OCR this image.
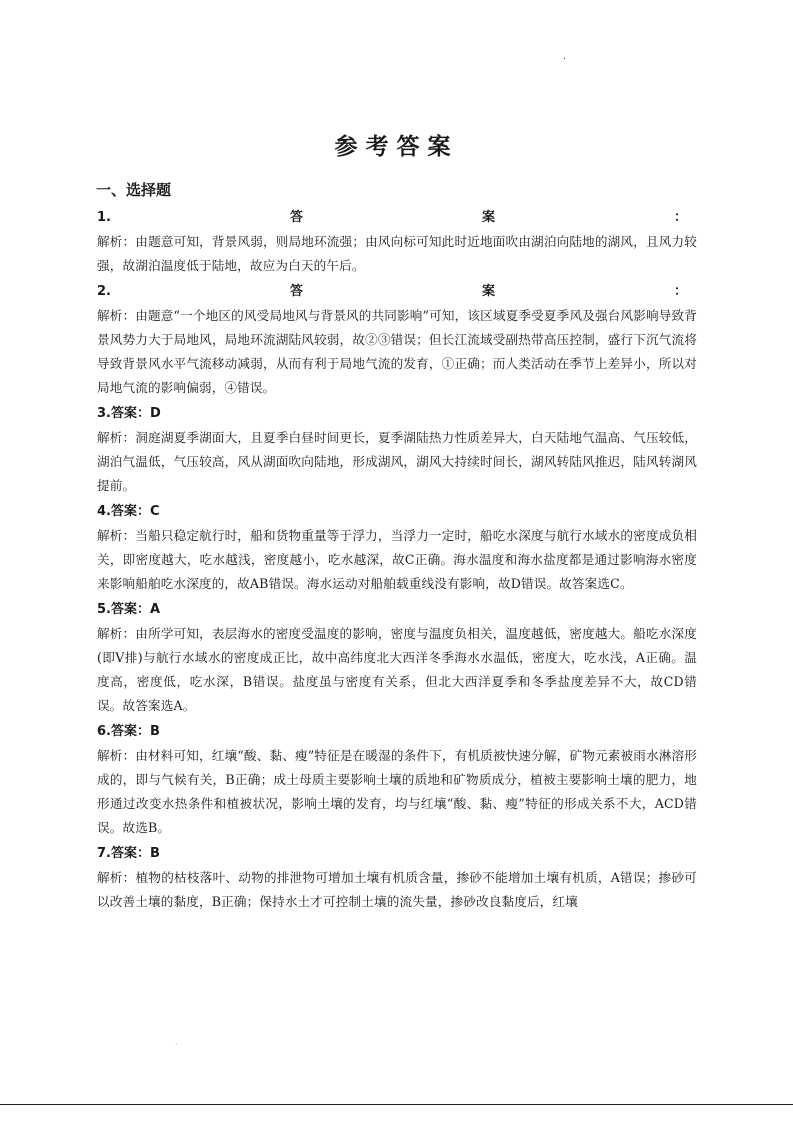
.
参考答案
一、选择题
1.	答	案	：
解析：由题意可知，背景风弱，则局地环流强；由风向标可知此时近地面吹由湖泊向陆地的湖风，且风力较强，故湖泊温度低于陆地，故应为白天的午后。
2.	答	案	：
解析：由题意“一个地区的风受局地风与背景风的共同影响”可知，该区域夏季受夏季风及强台风影响导致背景风势力大于局地风，局地环流湖陆风较弱，故②③错误；但长江流域受副热带高压控制，盛行下沉气流将导致背景风水平气流移动减弱，从而有利于局地气流的发育，①正确；而人类活动在季节上差异小，所以对局地气流的影响偏弱，④错误。
3.答案：D
解析：洞庭湖夏季湖面大，且夏季白昼时间更长，夏季湖陆热力性质差异大，白天陆地气温高、气压较低，湖泊气温低，气压较高，风从湖面吹向陆地，形成湖风，湖风大持续时间长，湖风转陆风推迟，陆风转湖风提前。
4.答案：C
解析：当船只稳定航行时，船和货物重量等于浮力，当浮力一定时，船吃水深度与航行水域水的密度成负相关，即密度越大，吃水越浅，密度越小，吃水越深，故C正确。海水温度和海水盐度都是通过影响海水密度来影响船舶吃水深度的，故AB错误。海水运动对船舶载重线没有影响，故D错误。故答案选C。
5.答案：A
解析：由所学可知，表层海水的密度受温度的影响，密度与温度负相关，温度越低，密度越大。船吃水深度(即V排)与航行水域水的密度成正比，故中高纬度北大西洋冬季海水水温低，密度大，吃水浅，A正确。温度高，密度低，吃水深，B错误。盐度虽与密度有关系，但北大西洋夏季和冬季盐度差异不大，故CD错误。故答案选A。
6.答案：B
解析：由材料可知，红壤“酸、黏、瘦”特征是在暖湿的条件下，有机质被快速分解，矿物元素被雨水淋溶形成的，即与气候有关，B正确；成土母质主要影响土壤的质地和矿物质成分，植被主要影响土壤的肥力，地形通过改变水热条件和植被状况，影响土壤的发育，均与红壤“酸、黏、瘦”特征的形成关系不大，ACD错误。故选B。
7.答案：B
解析：植物的枯枝落叶、动物的排泄物可增加土壤有机质含量，掺砂不能增加土壤有机质，A错误；掺砂可以改善土壤的黏度，B正确；保持水土才可控制土壤的流失量，掺砂改良黏度后，红壤
·
